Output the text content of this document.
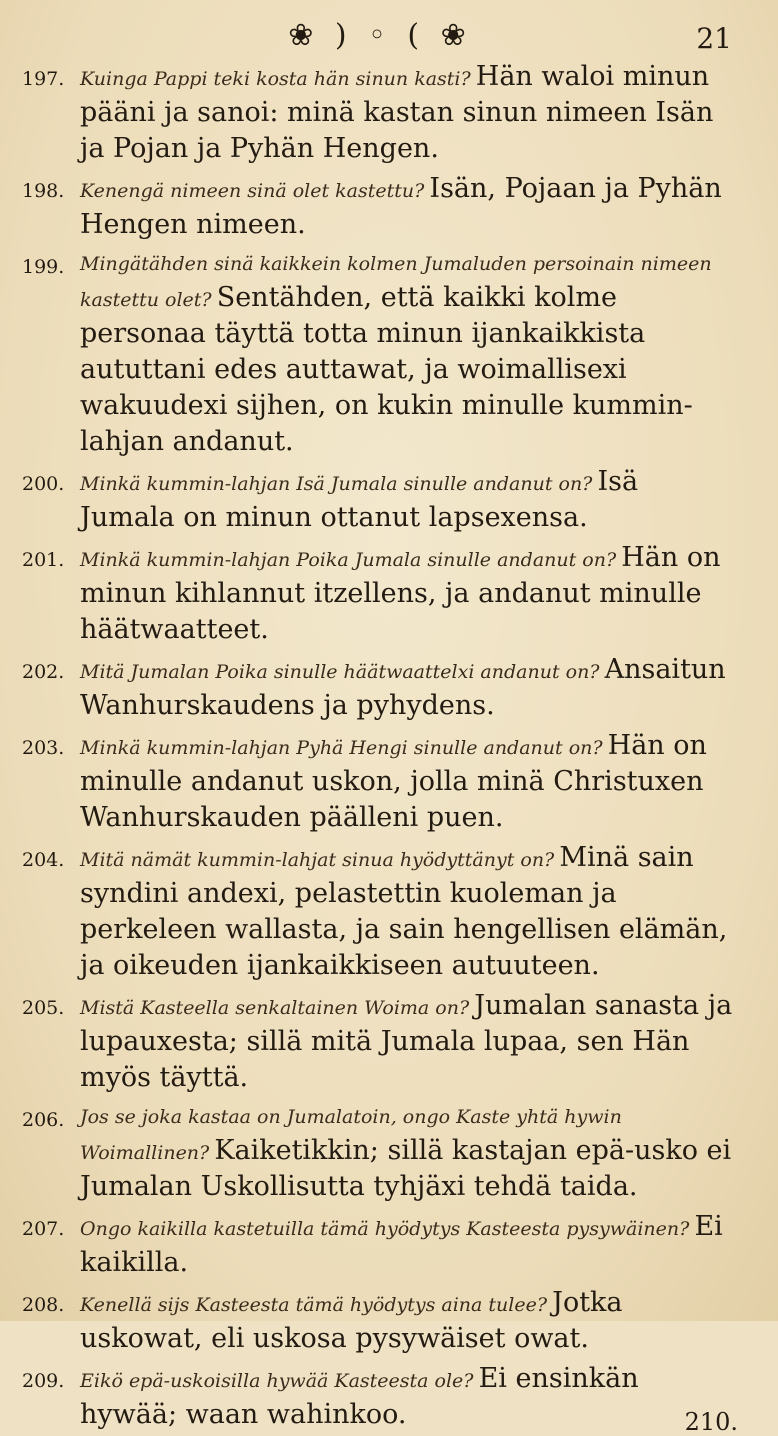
❀ ) ◦ ( ❀	21
197. Kuinga Pappi teki kosta hän sinun kasti? Hän waloi minun pääni ja sanoi: minä kastan sinun nimeen Isän ja Pojan ja Pyhän Hengen.
198. Kenengä nimeen sinä olet kastettu? Isän, Pojaan ja Pyhän Hengen nimeen.
199. Mingätähden sinä kaikkein kolmen Jumaluden persoinain nimeen kastettu olet? Sentähden, että kaikki kolme personaa täyttä totta minun ijankaikkista aututtani edes auttawat, ja woimallisexi wakuudexi sijhen, on kukin minulle kummin-lahjan andanut.
200. Minkä kummin-lahjan Isä Jumala sinulle andanut on? Isä Jumala on minun ottanut lapsexensa.
201. Minkä kummin-lahjan Poika Jumala sinulle andanut on? Hän on minun kihlannut itzellens, ja andanut minulle häätwaatteet.
202. Mitä Jumalan Poika sinulle häätwaattelxi andanut on? Ansaitun Wanhurskaudens ja pyhydens.
203. Minkä kummin-lahjan Pyhä Hengi sinulle andanut on? Hän on minulle andanut uskon, jolla minä Christuxen Wanhurskauden päälleni puen.
204. Mitä nämät kummin-lahjat sinua hyödyttänyt on? Minä sain syndini andexi, pelastettin kuoleman ja perkeleen wallasta, ja sain hengellisen elämän, ja oikeuden ijankaikkiseen autuuteen.
205. Mistä Kasteella senkaltainen Woima on? Jumalan sanasta ja lupauxesta; sillä mitä Jumala lupaa, sen Hän myös täyttä.
206. Jos se joka kastaa on Jumalatoin, ongo Kaste yhtä hywin Woimallinen? Kaiketikkin; sillä kastajan epä-usko ei Jumalan Uskollisutta tyhjäxi tehdä taida.
207. Ongo kaikilla kastetuilla tämä hyödytys Kasteesta pysywäinen? Ei kaikilla.
208. Kenellä sijs Kasteesta tämä hyödytys aina tulee? Jotka uskowat, eli uskosa pysywäiset owat.
209. Eikö epä-uskoisilla hywää Kasteesta ole? Ei ensinkän hywää; waan wahinkoo.	210.
